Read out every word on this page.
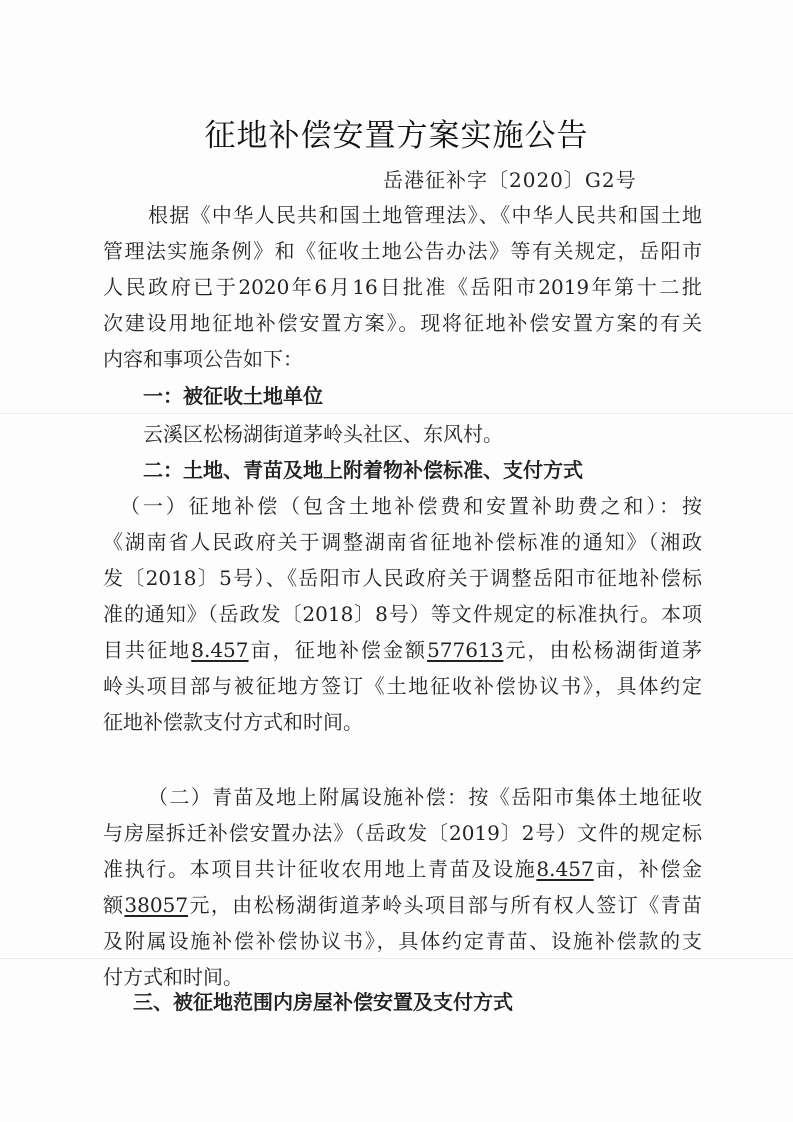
征地补偿安置方案实施公告
岳港征补字〔2020〕G2号
根据《中华人民共和国土地管理法》、《中华人民共和国土地
管理法实施条例》和《征收土地公告办法》等有关规定，岳阳市
人民政府已于2020年6月16日批准《岳阳市2019年第十二批
次建设用地征地补偿安置方案》。现将征地补偿安置方案的有关
内容和事项公告如下：
一：被征收土地单位
云溪区松杨湖街道茅岭头社区、东风村。
二：土地、青苗及地上附着物补偿标准、支付方式
（一）征地补偿（包含土地补偿费和安置补助费之和）：按
《湖南省人民政府关于调整湖南省征地补偿标准的通知》（湘政
发〔2018〕5号）、《岳阳市人民政府关于调整岳阳市征地补偿标
准的通知》（岳政发〔2018〕8号）等文件规定的标准执行。本项
目共征地8.457亩，征地补偿金额577613元，由松杨湖街道茅
岭头项目部与被征地方签订《土地征收补偿协议书》，具体约定
征地补偿款支付方式和时间。
（二）青苗及地上附属设施补偿：按《岳阳市集体土地征收
与房屋拆迁补偿安置办法》（岳政发〔2019〕2号）文件的规定标
准执行。本项目共计征收农用地上青苗及设施8.457亩，补偿金
额38057元，由松杨湖街道茅岭头项目部与所有权人签订《青苗
及附属设施补偿补偿协议书》，具体约定青苗、设施补偿款的支
付方式和时间。
三、被征地范围内房屋补偿安置及支付方式
